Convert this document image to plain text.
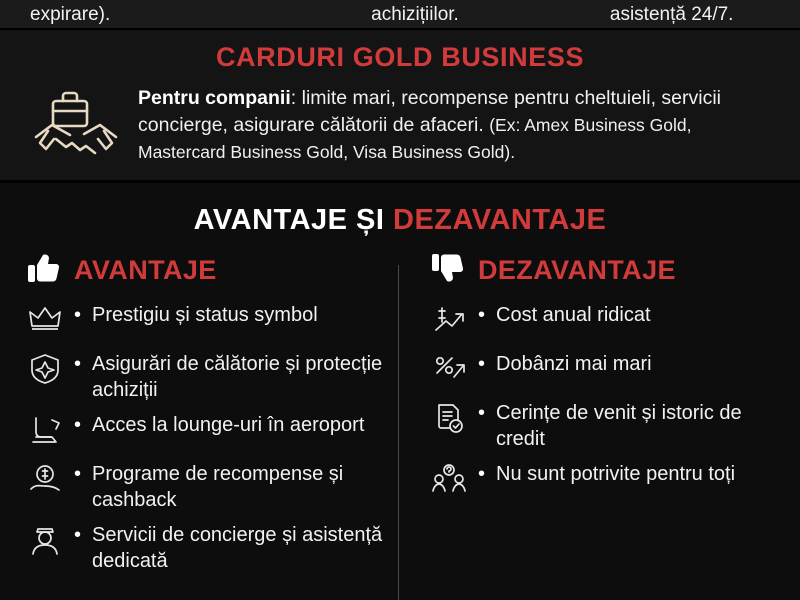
expirare).	achizițiilor.	asistență 24/7.
CARDURI GOLD BUSINESS
Pentru companii: limite mari, recompense pentru cheltuieli, servicii concierge, asigurare călătorii de afaceri. (Ex: Amex Business Gold, Mastercard Business Gold, Visa Business Gold).
AVANTAJE ȘI DEZAVANTAJE
AVANTAJE
• Prestigiu și status symbol
• Asigurări de călătorie și protecție achiziții
• Acces la lounge-uri în aeroport
• Programe de recompense și cashback
• Servicii de concierge și asistență dedicată
DEZAVANTAJE
• Cost anual ridicat
• Dobânzi mai mari
• Cerințe de venit și istoric de credit
• Nu sunt potrivite pentru toți
